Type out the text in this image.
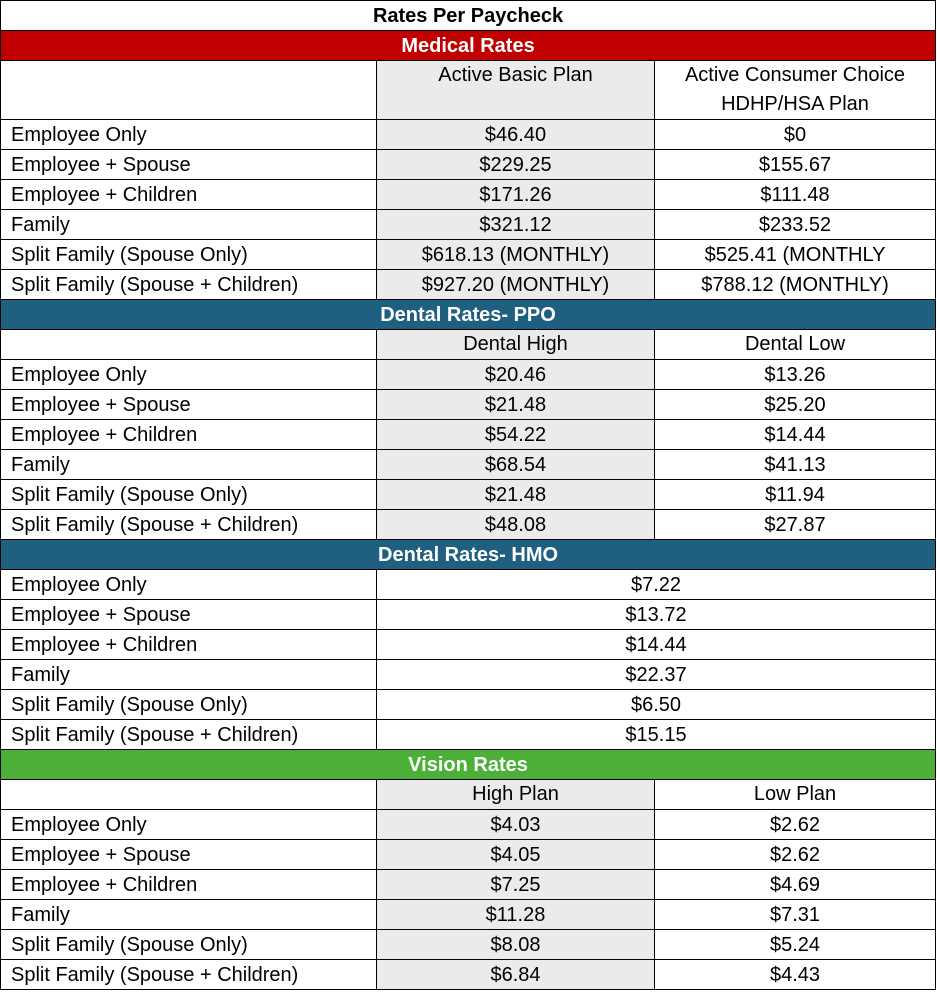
Rates Per Paycheck		
Medical Rates		
	Active Basic Plan	Active Consumer Choice HDHP/HSA Plan
Employee Only	$46.40	$0
Employee + Spouse	$229.25	$155.67
Employee + Children	$171.26	$111.48
Family	$321.12	$233.52
Split Family (Spouse Only)	$618.13 (MONTHLY)	$525.41 (MONTHLY
Split Family (Spouse + Children)	$927.20 (MONTHLY)	$788.12 (MONTHLY)
Dental Rates- PPO		
	Dental High	Dental Low
Employee Only	$20.46	$13.26
Employee + Spouse	$21.48	$25.20
Employee + Children	$54.22	$14.44
Family	$68.54	$41.13
Split Family (Spouse Only)	$21.48	$11.94
Split Family (Spouse + Children)	$48.08	$27.87
Dental Rates- HMO		
Employee Only	$7.22	
Employee + Spouse	$13.72	
Employee + Children	$14.44	
Family	$22.37	
Split Family (Spouse Only)	$6.50	
Split Family (Spouse + Children)	$15.15	
Vision Rates		
	High Plan	Low Plan
Employee Only	$4.03	$2.62
Employee + Spouse	$4.05	$2.62
Employee + Children	$7.25	$4.69
Family	$11.28	$7.31
Split Family (Spouse Only)	$8.08	$5.24
Split Family (Spouse + Children)	$6.84	$4.43
